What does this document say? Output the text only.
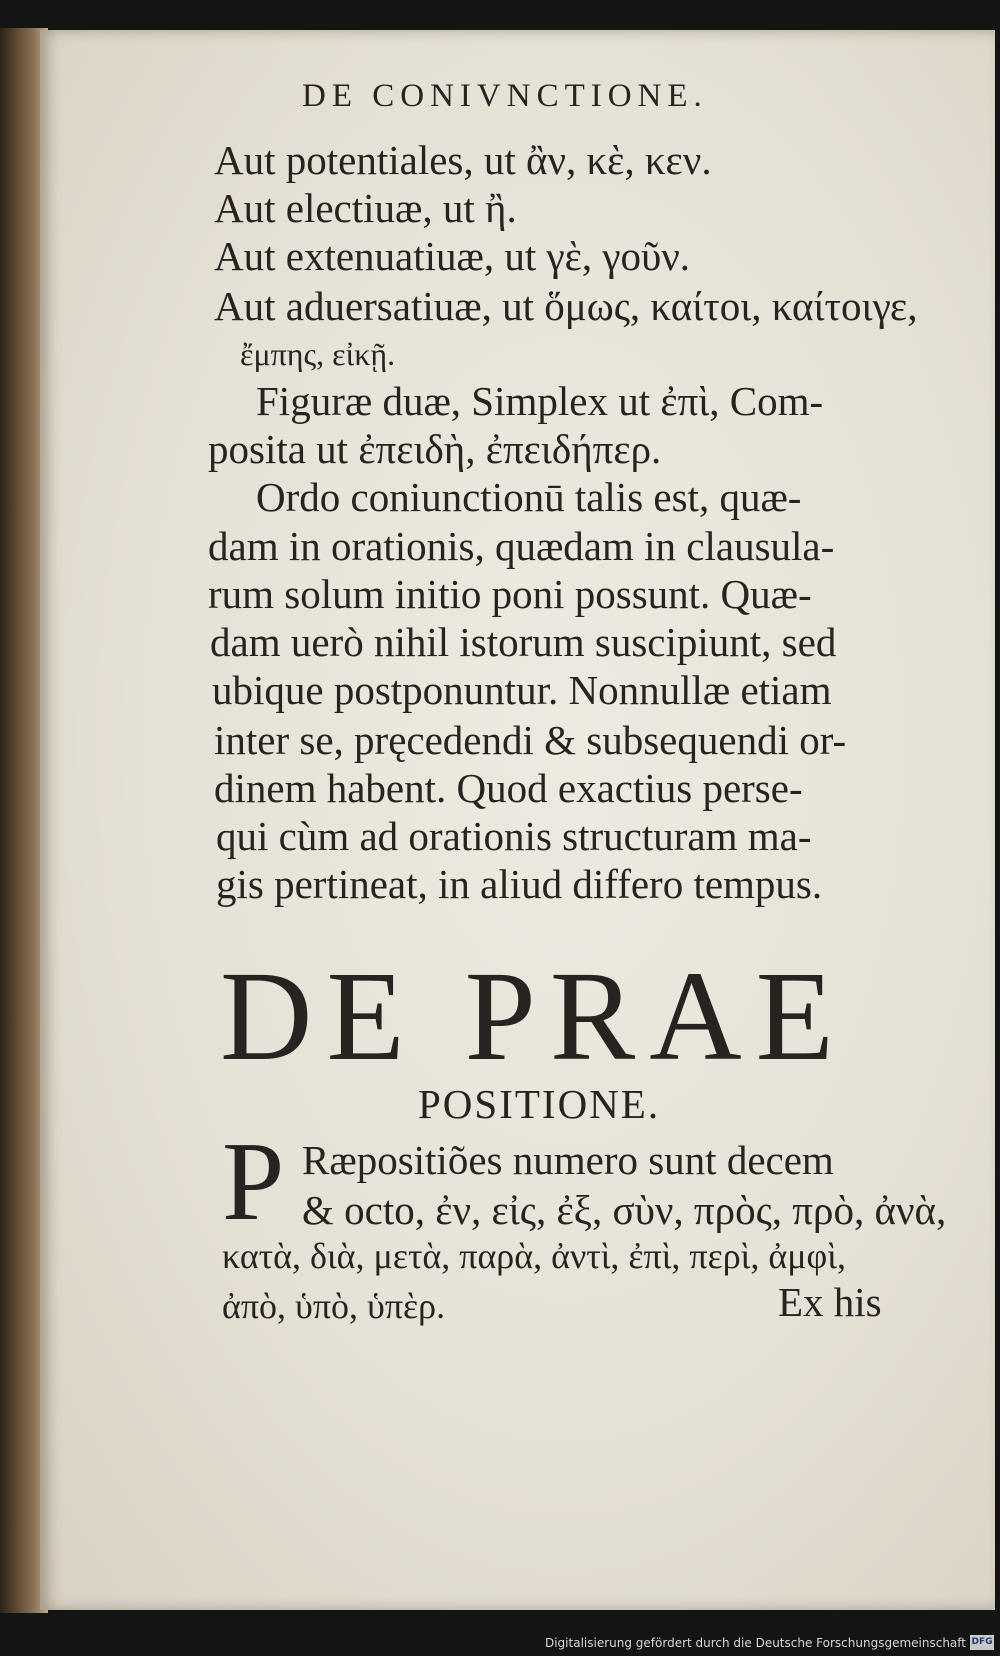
DE CONIVNCTIONE.
Aut potentiales, ut ἂν, κὲ, κεν.
Aut electiuæ, ut ἢ.
Aut extenuatiuæ, ut γὲ, γοῦν.
Aut aduersatiuæ, ut ὅμως, καίτοι, καίτοιγε,
ἔμπης, εἰκῇ.
Figuræ duæ, Simplex ut ἐπὶ, Com-
posita ut ἐπειδὴ, ἐπειδήπερ.
Ordo coniunctionū talis est, quæ-
dam in orationis, quædam in clausula-
rum solum initio poni possunt. Quæ-
dam uerò nihil istorum suscipiunt, sed
ubique postponuntur. Nonnullæ etiam
inter se, pręcedendi & subsequendi or-
dinem habent. Quod exactius perse-
qui cùm ad orationis structuram ma-
gis pertineat, in aliud differo tempus.
DE PRAE
POSITIONE.
P Ræpositiões numero sunt decem
& octo, ἐν, εἰς, ἐξ, σὺν, πρὸς, πρὸ, ἀνὰ,
κατὰ, διὰ, μετὰ, παρὰ, ἀντὶ, ἐπὶ, περὶ, ἀμφὶ,
ἀπὸ, ὑπὸ, ὑπὲρ.	Ex his
Digitalisierung gefördert durch die Deutsche Forschungsgemeinschaft DFG
